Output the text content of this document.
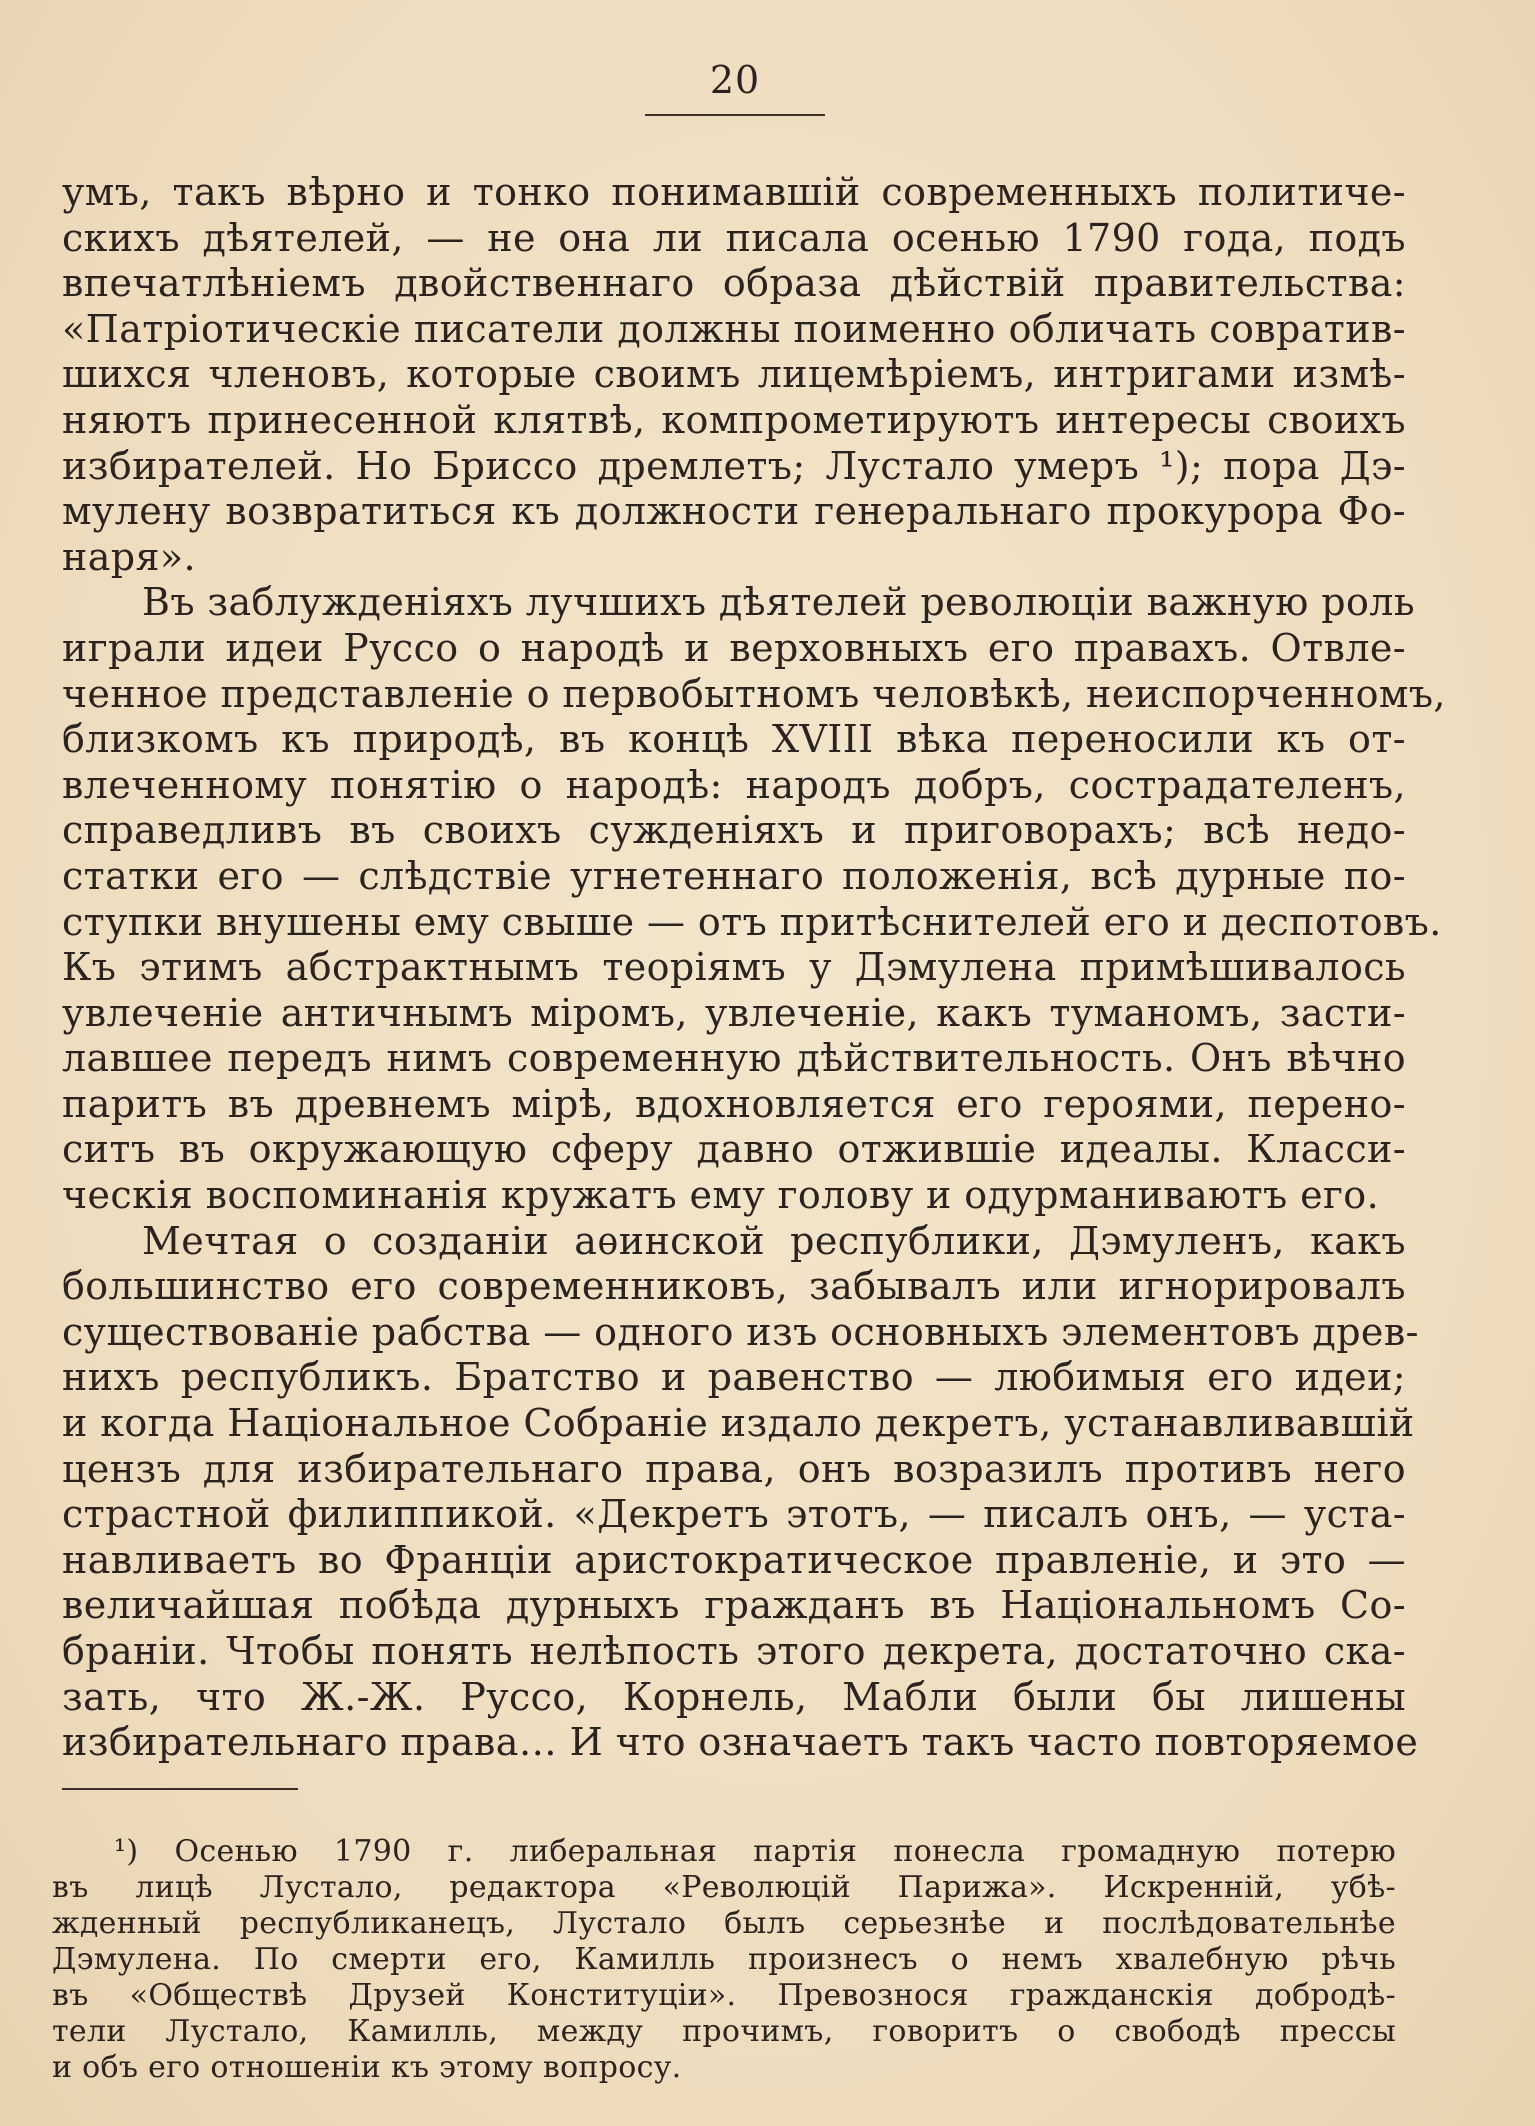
20
умъ, такъ вѣрно и тонко понимавшій современныхъ политиче-
скихъ дѣятелей, — не она ли писала осенью 1790 года, подъ
впечатлѣніемъ двойственнаго образа дѣйствій правительства:
«Патріотическіе писатели должны поименно обличать совратив-
шихся членовъ, которые своимъ лицемѣріемъ, интригами измѣ-
няютъ принесенной клятвѣ, компрометируютъ интересы своихъ
избирателей. Но Бриссо дремлетъ; Лустало умеръ ¹); пора Дэ-
мулену возвратиться къ должности генеральнаго прокурора Фо-
наря».
Въ заблужденіяхъ лучшихъ дѣятелей революціи важную роль
играли идеи Руссо о народѣ и верховныхъ его правахъ. Отвле-
ченное представленіе о первобытномъ человѣкѣ, неиспорченномъ,
близкомъ къ природѣ, въ концѣ XVIII вѣка переносили къ от-
влеченному понятію о народѣ: народъ добръ, сострадателенъ,
справедливъ въ своихъ сужденіяхъ и приговорахъ; всѣ недо-
статки его — слѣдствіе угнетеннаго положенія, всѣ дурные по-
ступки внушены ему свыше — отъ притѣснителей его и деспотовъ.
Къ этимъ абстрактнымъ теоріямъ у Дэмулена примѣшивалось
увлеченіе античнымъ міромъ, увлеченіе, какъ туманомъ, засти-
лавшее передъ нимъ современную дѣйствительность. Онъ вѣчно
паритъ въ древнемъ мірѣ, вдохновляется его героями, перено-
ситъ въ окружающую сферу давно отжившіе идеалы. Класси-
ческія воспоминанія кружатъ ему голову и одурманиваютъ его.
Мечтая о созданіи аѳинской республики, Дэмуленъ, какъ
большинство его современниковъ, забывалъ или игнорировалъ
существованіе рабства — одного изъ основныхъ элементовъ древ-
нихъ республикъ. Братство и равенство — любимыя его идеи;
и когда Національное Собраніе издало декретъ, устанавливавшій
цензъ для избирательнаго права, онъ возразилъ противъ него
страстной филиппикой. «Декретъ этотъ, — писалъ онъ, — уста-
навливаетъ во Франціи аристократическое правленіе, и это —
величайшая побѣда дурныхъ гражданъ въ Національномъ Со-
браніи. Чтобы понять нелѣпость этого декрета, достаточно ска-
зать, что Ж.-Ж. Руссо, Корнель, Мабли были бы лишены
избирательнаго права… И что означаетъ такъ часто повторяемое
¹) Осенью 1790 г. либеральная партія понесла громадную потерю
въ лицѣ Лустало, редактора «Революцій Парижа». Искренній, убѣ-
жденный республиканецъ, Лустало былъ серьезнѣе и послѣдовательнѣе
Дэмулена. По смерти его, Камилль произнесъ о немъ хвалебную рѣчь
въ «Обществѣ Друзей Конституціи». Превознося гражданскія добродѣ-
тели Лустало, Камилль, между прочимъ, говоритъ о свободѣ прессы
и объ его отношеніи къ этому вопросу.
